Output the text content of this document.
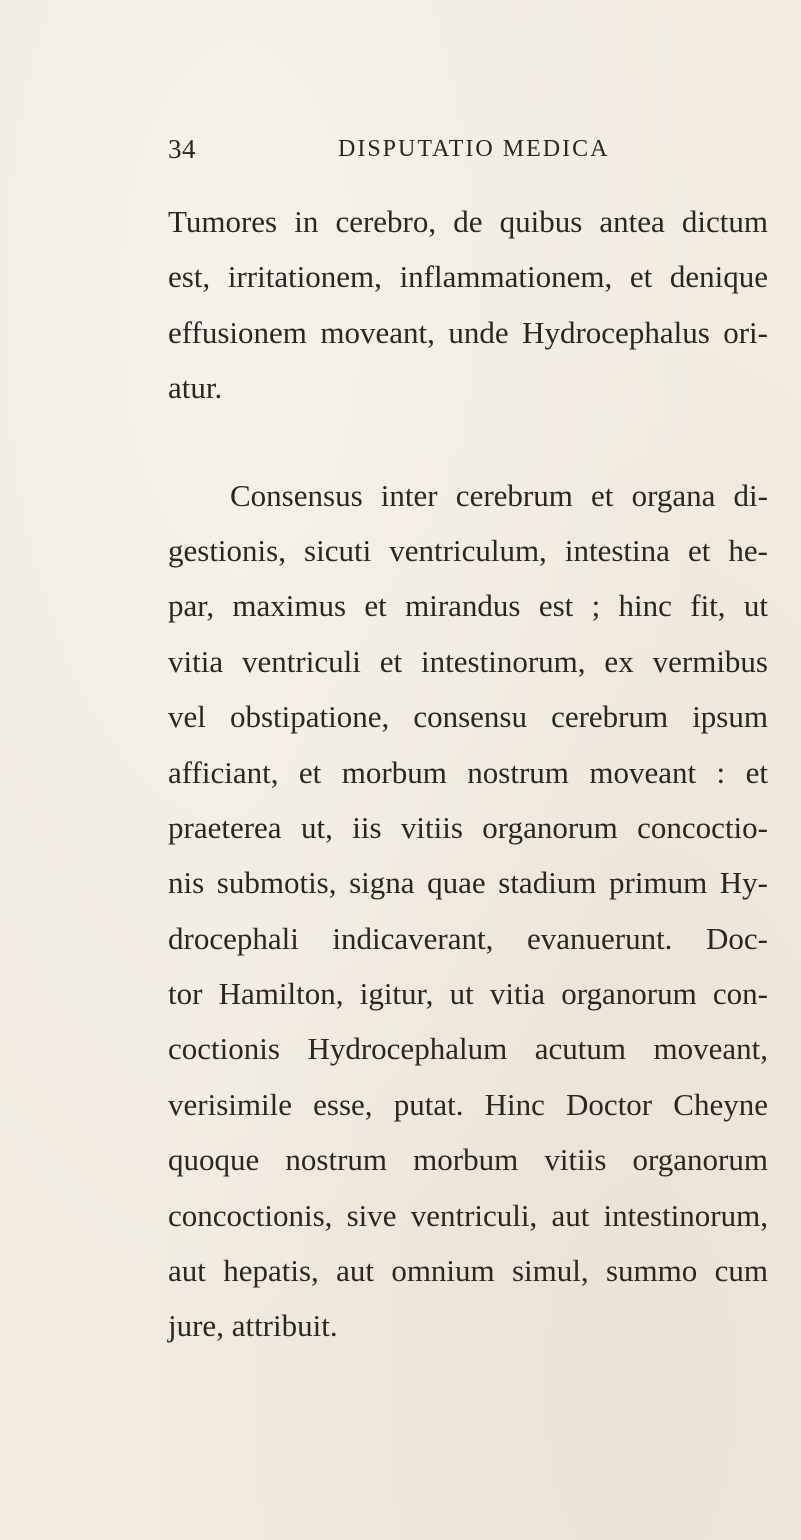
34	DISPUTATIO MEDICA
Tumores in cerebro, de quibus antea dictum
est, irritationem, inflammationem, et denique
effusionem moveant, unde Hydrocephalus ori-
atur.
Consensus inter cerebrum et organa di-
gestionis, sicuti ventriculum, intestina et he-
par, maximus et mirandus est ; hinc fit, ut
vitia ventriculi et intestinorum, ex vermibus
vel obstipatione, consensu cerebrum ipsum
afficiant, et morbum nostrum moveant : et
praeterea ut, iis vitiis organorum concoctio-
nis submotis, signa quae stadium primum Hy-
drocephali indicaverant, evanuerunt. Doc-
tor Hamilton, igitur, ut vitia organorum con-
coctionis Hydrocephalum acutum moveant,
verisimile esse, putat. Hinc Doctor Cheyne
quoque nostrum morbum vitiis organorum
concoctionis, sive ventriculi, aut intestinorum,
aut hepatis, aut omnium simul, summo cum
jure, attribuit.
